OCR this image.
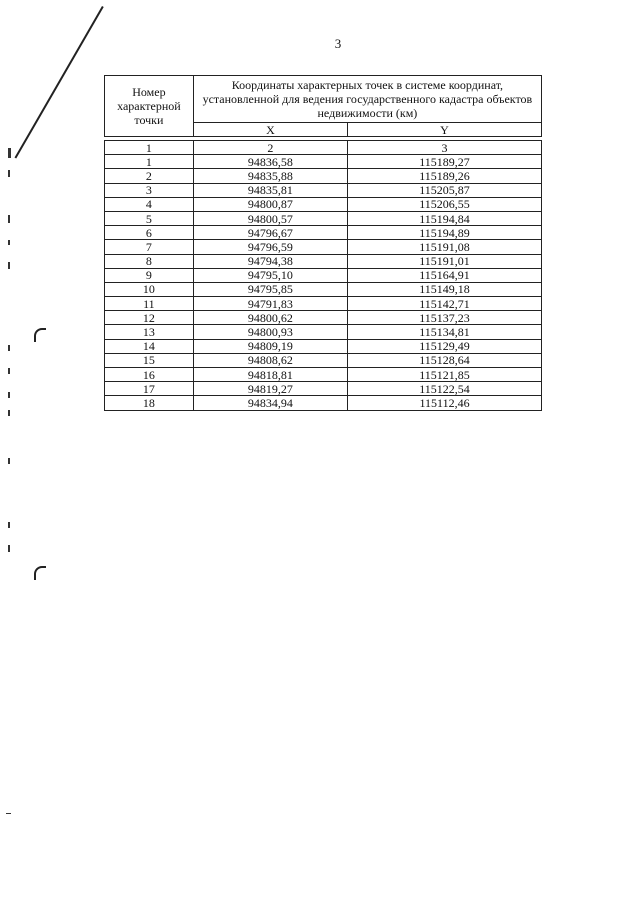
3
Номер характерной точки	Координаты характерных точек в системе координат, установленной для ведения государственного кадастра объектов недвижимости (км)	
	X	Y

1	2	3
1	94836,58	115189,27
2	94835,88	115189,26
3	94835,81	115205,87
4	94800,87	115206,55
5	94800,57	115194,84
6	94796,67	115194,89
7	94796,59	115191,08
8	94794,38	115191,01
9	94795,10	115164,91
10	94795,85	115149,18
11	94791,83	115142,71
12	94800,62	115137,23
13	94800,93	115134,81
14	94809,19	115129,49
15	94808,62	115128,64
16	94818,81	115121,85
17	94819,27	115122,54
18	94834,94	115112,46
